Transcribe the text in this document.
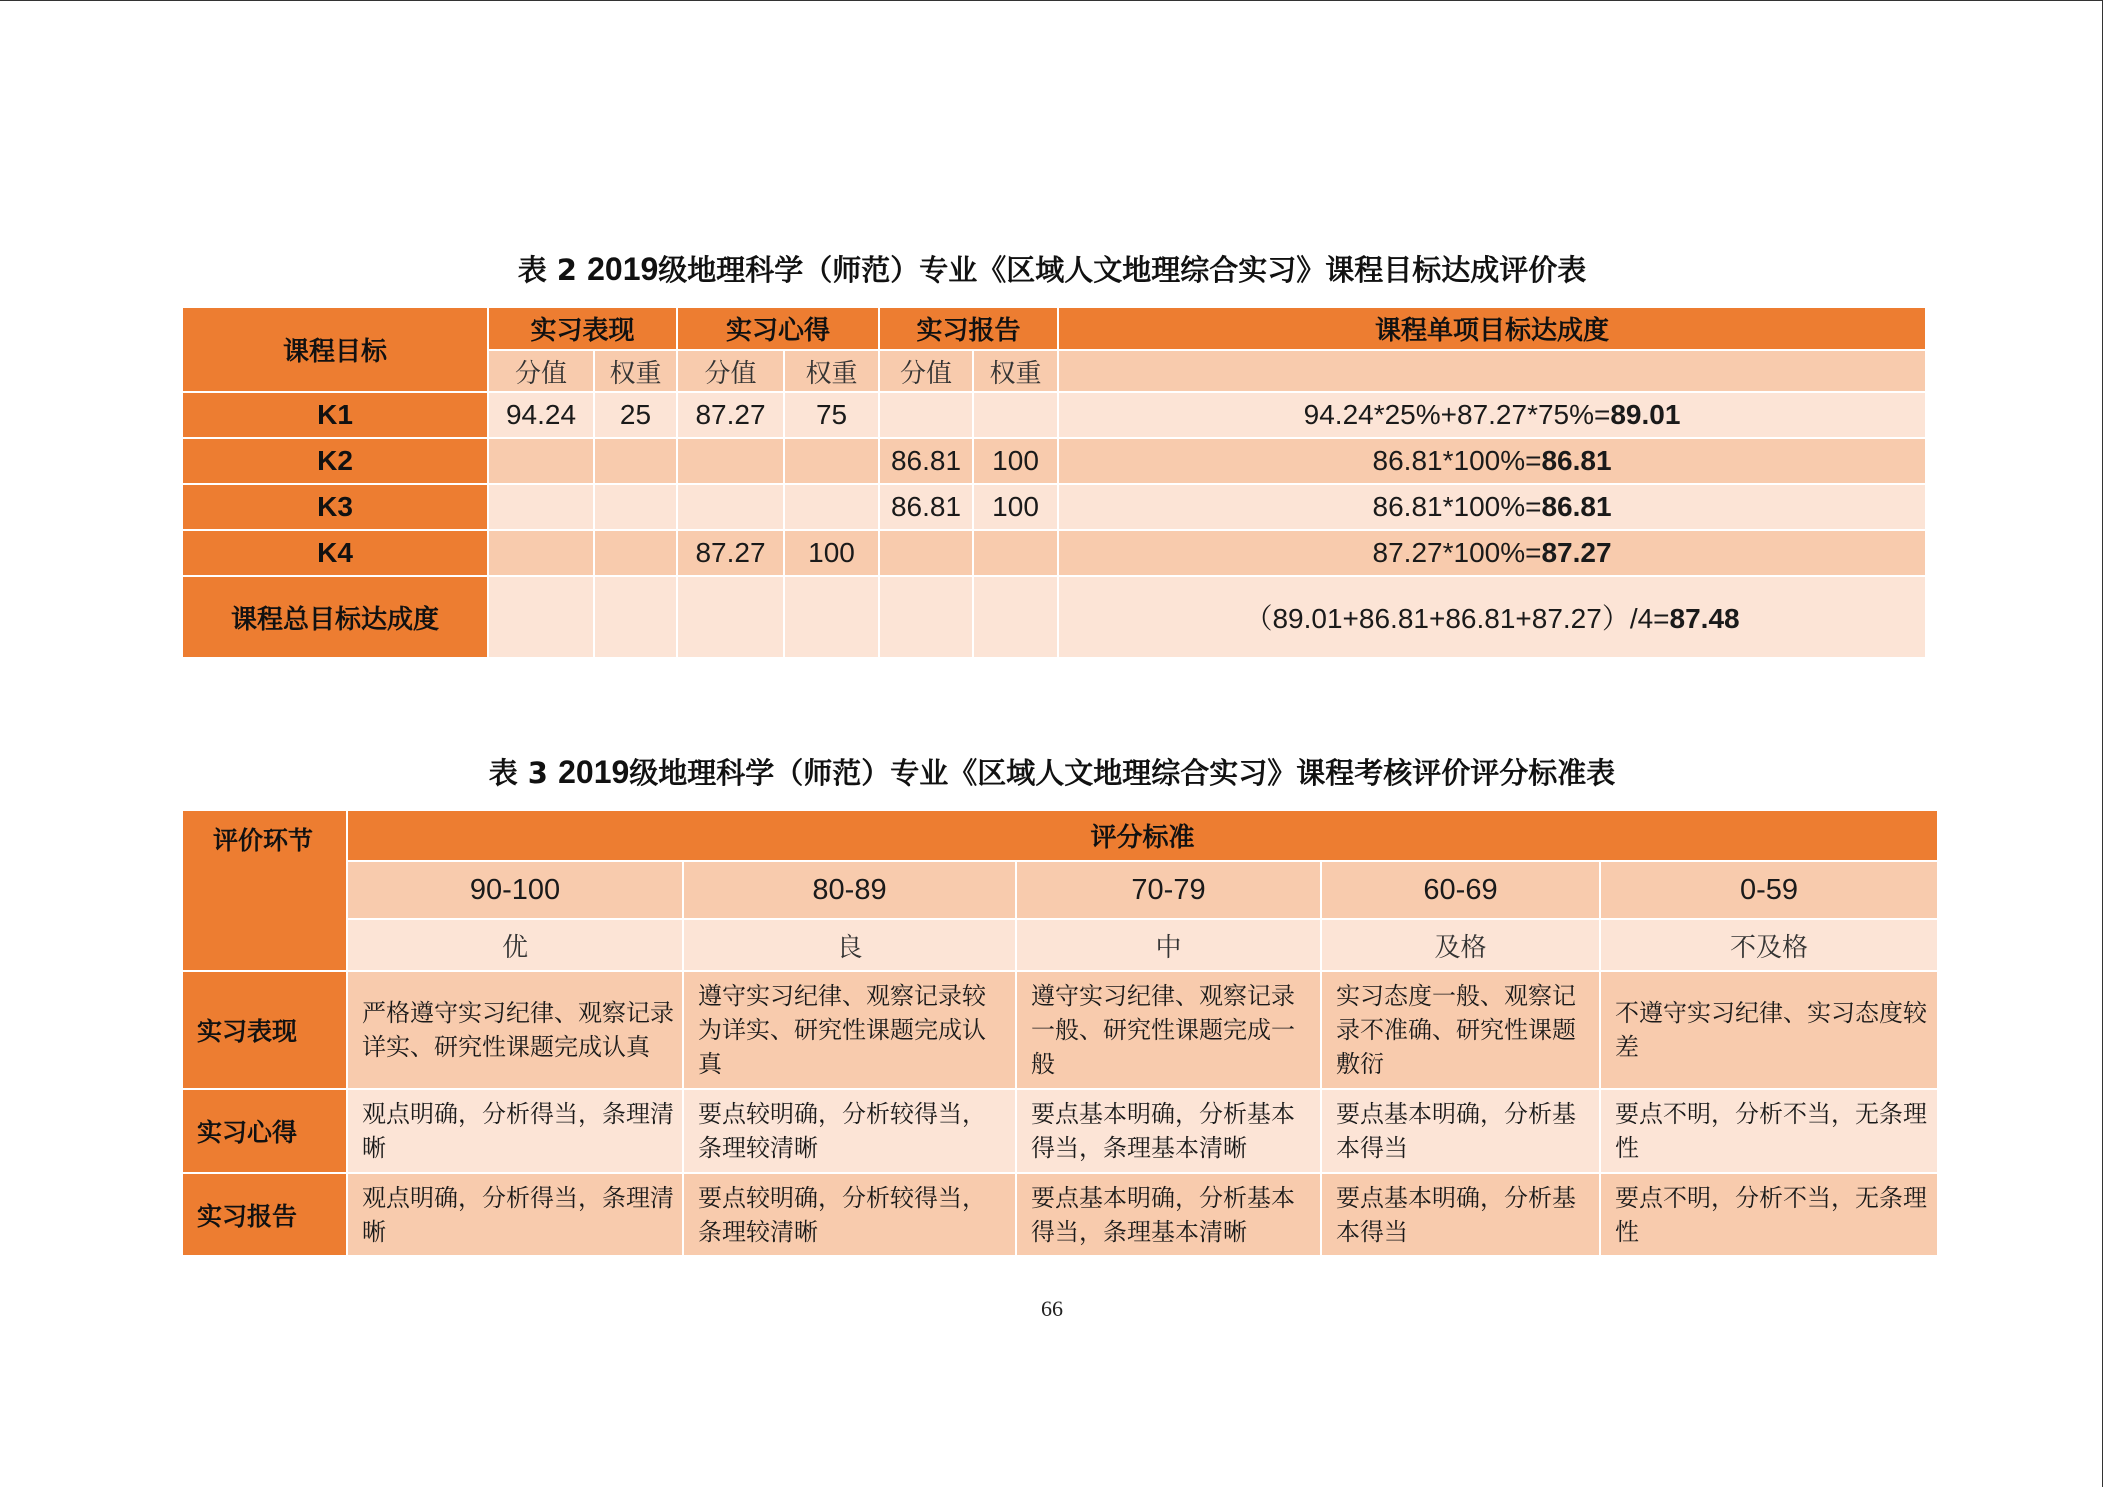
表 2 2019级地理科学（师范）专业《区域人文地理综合实习》课程目标达成评价表
课程目标	实习表现		实习心得		实习报告		课程单项目标达成度
	分值	权重	分值	权重	分值	权重	
K1	94.24	25	87.27	75			94.24*25%+87.27*75%=89.01
K2					86.81	100	86.81*100%=86.81
K3					86.81	100	86.81*100%=86.81
K4			87.27	100			87.27*100%=87.27
课程总目标达成度							（89.01+86.81+86.81+87.27）/4=87.48
表 3 2019级地理科学（师范）专业《区域人文地理综合实习》课程考核评价评分标准表
评价环节	评分标准				
	90-100	80-89	70-79	60-69	0-59
	优	良	中	及格	不及格
实习表现	严格遵守实习纪律、观察记录详实、研究性课题完成认真	遵守实习纪律、观察记录较为详实、研究性课题完成认真	遵守实习纪律、观察记录一般、研究性课题完成一般	实习态度一般、观察记录不准确、研究性课题敷衍	不遵守实习纪律、实习态度较差
实习心得	观点明确，分析得当，条理清晰	要点较明确，分析较得当，条理较清晰	要点基本明确，分析基本得当，条理基本清晰	要点基本明确，分析基本得当	要点不明，分析不当，无条理性
实习报告	观点明确，分析得当，条理清晰	要点较明确，分析较得当，条理较清晰	要点基本明确，分析基本得当，条理基本清晰	要点基本明确，分析基本得当	要点不明，分析不当，无条理性
66
